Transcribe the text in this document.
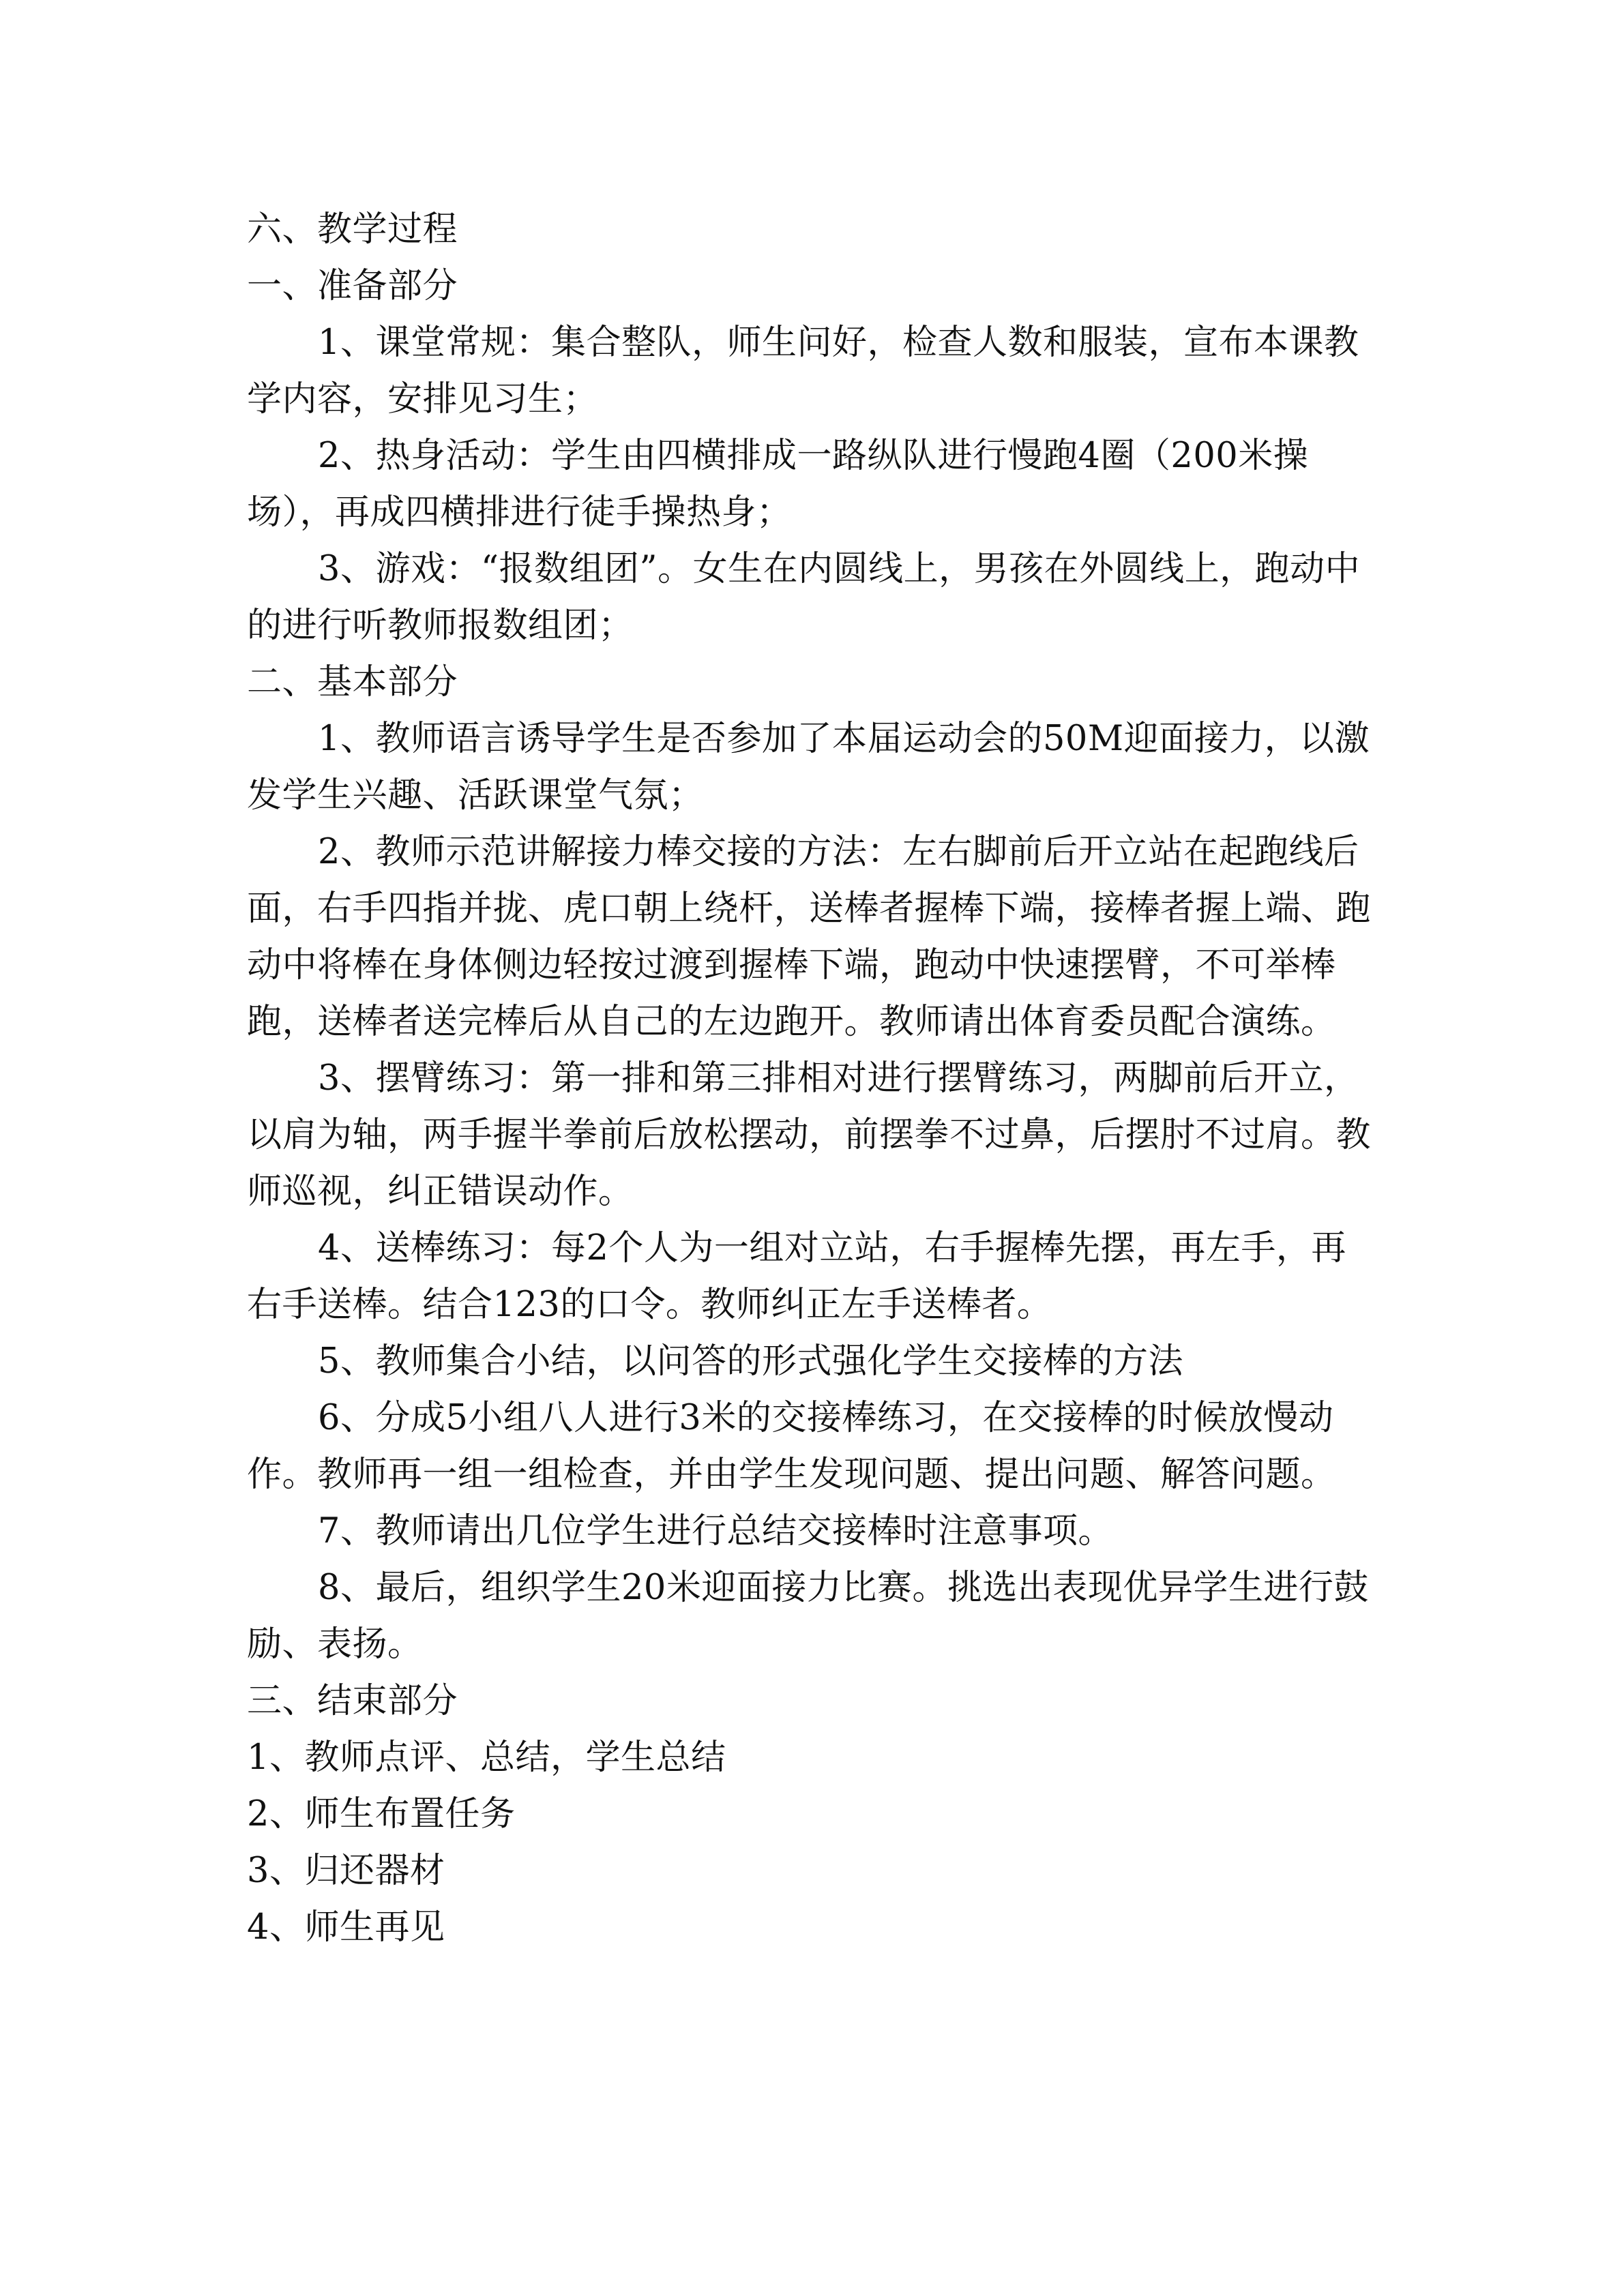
六、教学过程

一、准备部分

1、课堂常规：集合整队，师生问好，检查人数和服装，宣布本课教学内容，安排见习生；

2、热身活动：学生由四横排成一路纵队进行慢跑4圈（200米操场），再成四横排进行徒手操热身；

3、游戏：“报数组团”。女生在内圆线上，男孩在外圆线上，跑动中的进行听教师报数组团；

二、基本部分

1、教师语言诱导学生是否参加了本届运动会的50M迎面接力，以激发学生兴趣、活跃课堂气氛；

2、教师示范讲解接力棒交接的方法：左右脚前后开立站在起跑线后面，右手四指并拢、虎口朝上绕杆，送棒者握棒下端，接棒者握上端、跑动中将棒在身体侧边轻按过渡到握棒下端，跑动中快速摆臂，不可举棒跑，送棒者送完棒后从自己的左边跑开。教师请出体育委员配合演练。

3、摆臂练习：第一排和第三排相对进行摆臂练习，两脚前后开立，以肩为轴，两手握半拳前后放松摆动，前摆拳不过鼻，后摆肘不过肩。教师巡视，纠正错误动作。

4、送棒练习：每2个人为一组对立站，右手握棒先摆，再左手，再右手送棒。结合123的口令。教师纠正左手送棒者。

5、教师集合小结，以问答的形式强化学生交接棒的方法

6、分成5小组八人进行3米的交接棒练习，在交接棒的时候放慢动作。教师再一组一组检查，并由学生发现问题、提出问题、解答问题。

7、教师请出几位学生进行总结交接棒时注意事项。

8、最后，组织学生20米迎面接力比赛。挑选出表现优异学生进行鼓励、表扬。

三、结束部分

1、教师点评、总结，学生总结

2、师生布置任务

3、归还器材

4、师生再见
